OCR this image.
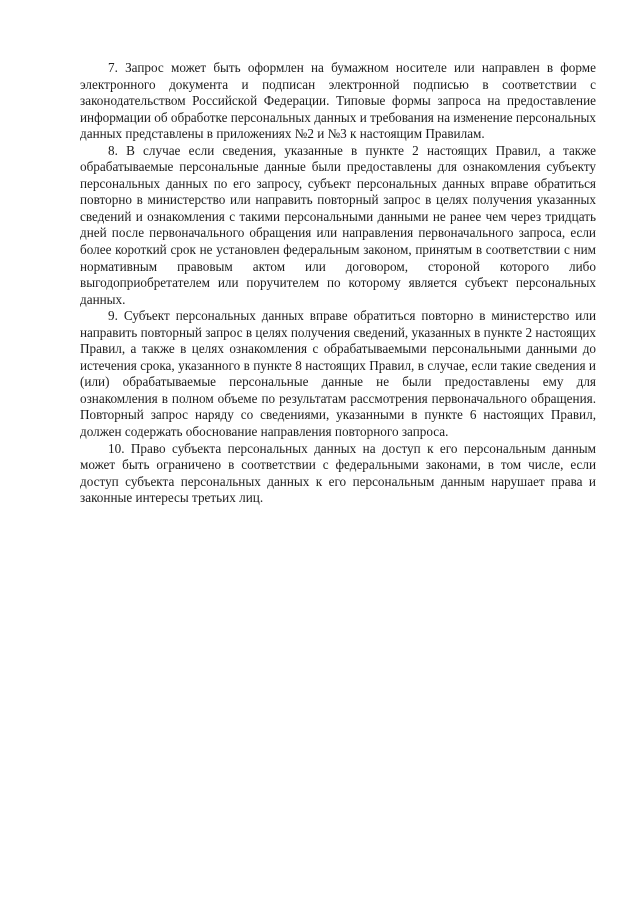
7. Запрос может быть оформлен на бумажном носителе или направлен в форме электронного документа и подписан электронной подписью в соответствии с законодательством Российской Федерации. Типовые формы запроса на предоставление информации об обработке персональных данных и требования на изменение персональных данных представлены в приложениях №2 и №3 к настоящим Правилам.

8. В случае если сведения, указанные в пункте 2 настоящих Правил, а также обрабатываемые персональные данные были предоставлены для ознакомления субъекту персональных данных по его запросу, субъект персональных данных вправе обратиться повторно в министерство или направить повторный запрос в целях получения указанных сведений и ознакомления с такими персональными данными не ранее чем через тридцать дней после первоначального обращения или направления первоначального запроса, если более короткий срок не установлен федеральным законом, принятым в соответствии с ним нормативным правовым актом или договором, стороной которого либо выгодоприобретателем или поручителем по которому является субъект персональных данных.

9. Субъект персональных данных вправе обратиться повторно в министерство или направить повторный запрос в целях получения сведений, указанных в пункте 2 настоящих Правил, а также в целях ознакомления с обрабатываемыми персональными данными до истечения срока, указанного в пункте 8 настоящих Правил, в случае, если такие сведения и (или) обрабатываемые персональные данные не были предоставлены ему для ознакомления в полном объеме по результатам рассмотрения первоначального обращения. Повторный запрос наряду со сведениями, указанными в пункте 6 настоящих Правил, должен содержать обоснование направления повторного запроса.

10. Право субъекта персональных данных на доступ к его персональным данным может быть ограничено в соответствии с федеральными законами, в том числе, если доступ субъекта персональных данных к его персональным данным нарушает права и законные интересы третьих лиц.
